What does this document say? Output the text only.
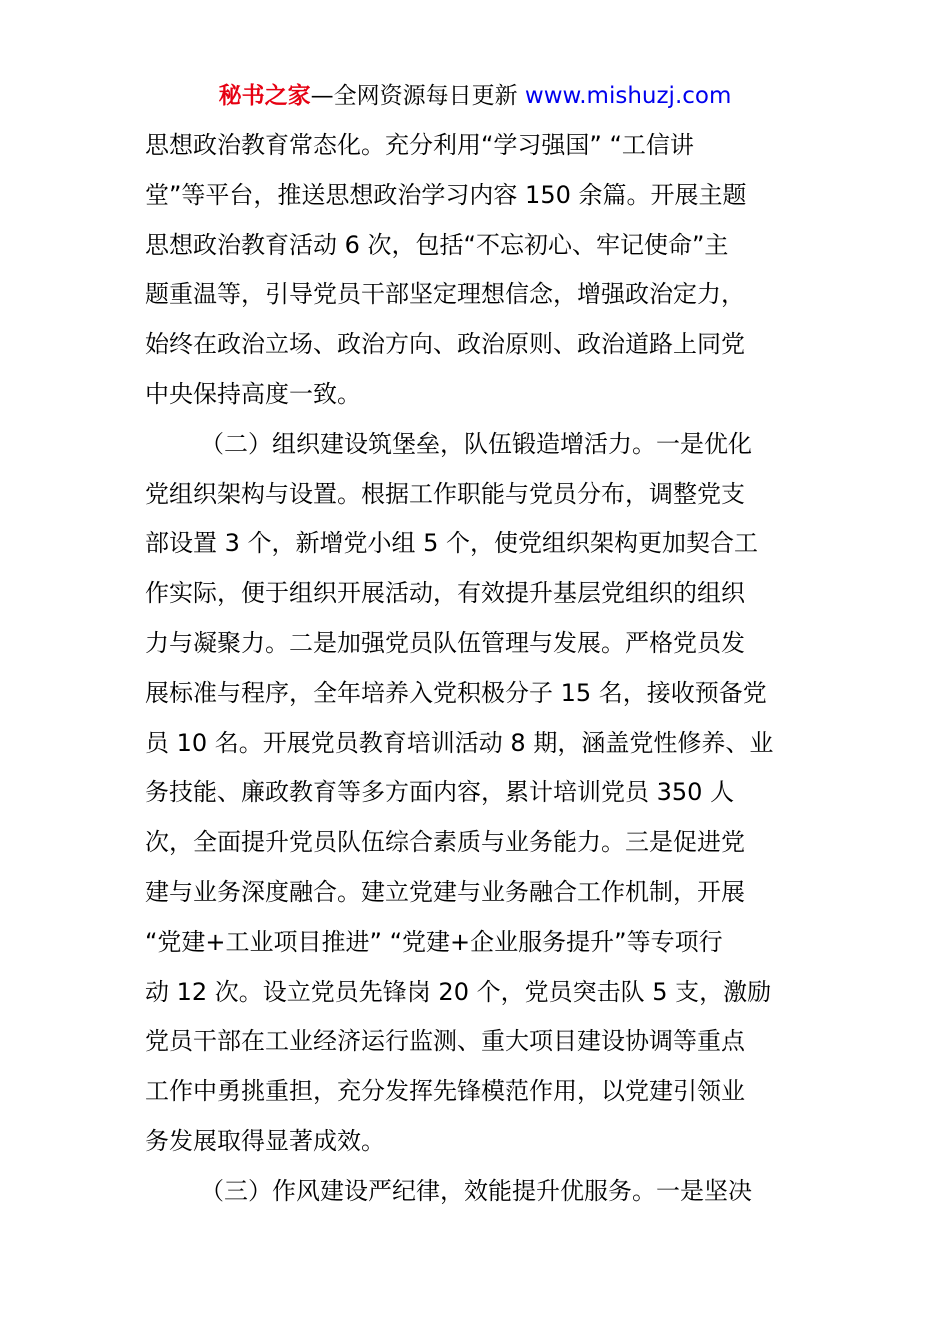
秘书之家—全网资源每日更新 www.mishuzj.com
思想政治教育常态化。充分利用“学习强国” “工信讲
堂”等平台，推送思想政治学习内容 150 余篇。开展主题
思想政治教育活动 6 次，包括“不忘初心、牢记使命”主
题重温等，引导党员干部坚定理想信念，增强政治定力，
始终在政治立场、政治方向、政治原则、政治道路上同党
中央保持高度一致。
（二）组织建设筑堡垒，队伍锻造增活力。一是优化
党组织架构与设置。根据工作职能与党员分布，调整党支
部设置 3 个，新增党小组 5 个，使党组织架构更加契合工
作实际，便于组织开展活动，有效提升基层党组织的组织
力与凝聚力。二是加强党员队伍管理与发展。严格党员发
展标准与程序，全年培养入党积极分子 15 名，接收预备党
员 10 名。开展党员教育培训活动 8 期，涵盖党性修养、业
务技能、廉政教育等多方面内容，累计培训党员 350 人
次，全面提升党员队伍综合素质与业务能力。三是促进党
建与业务深度融合。建立党建与业务融合工作机制，开展
“党建+工业项目推进” “党建+企业服务提升”等专项行
动 12 次。设立党员先锋岗 20 个，党员突击队 5 支，激励
党员干部在工业经济运行监测、重大项目建设协调等重点
工作中勇挑重担，充分发挥先锋模范作用，以党建引领业
务发展取得显著成效。
（三）作风建设严纪律，效能提升优服务。一是坚决
